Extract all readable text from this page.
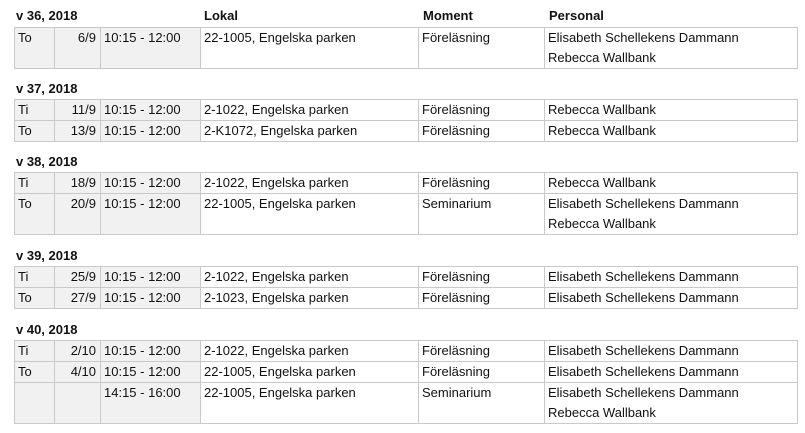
v 36, 2018	Lokal	Moment	Personal
To	6/9	10:15 - 12:00	22-1005, Engelska parken	Föreläsning	Elisabeth Schellekens Dammann
Rebecca Wallbank
v 37, 2018
Ti	11/9	10:15 - 12:00	2-1022, Engelska parken	Föreläsning	Rebecca Wallbank

To	13/9	10:15 - 12:00	2-K1072, Engelska parken	Föreläsning	Rebecca Wallbank
v 38, 2018
Ti	18/9	10:15 - 12:00	2-1022, Engelska parken	Föreläsning	Rebecca Wallbank

To	20/9	10:15 - 12:00	22-1005, Engelska parken	Seminarium	Elisabeth Schellekens Dammann
Rebecca Wallbank
v 39, 2018
Ti	25/9	10:15 - 12:00	2-1022, Engelska parken	Föreläsning	Elisabeth Schellekens Dammann

To	27/9	10:15 - 12:00	2-1023, Engelska parken	Föreläsning	Elisabeth Schellekens Dammann
v 40, 2018
Ti	2/10	10:15 - 12:00	2-1022, Engelska parken	Föreläsning	Elisabeth Schellekens Dammann

To	4/10	10:15 - 12:00	22-1005, Engelska parken	Föreläsning	Elisabeth Schellekens Dammann

		14:15 - 16:00	22-1005, Engelska parken	Seminarium	Elisabeth Schellekens Dammann
Rebecca Wallbank
